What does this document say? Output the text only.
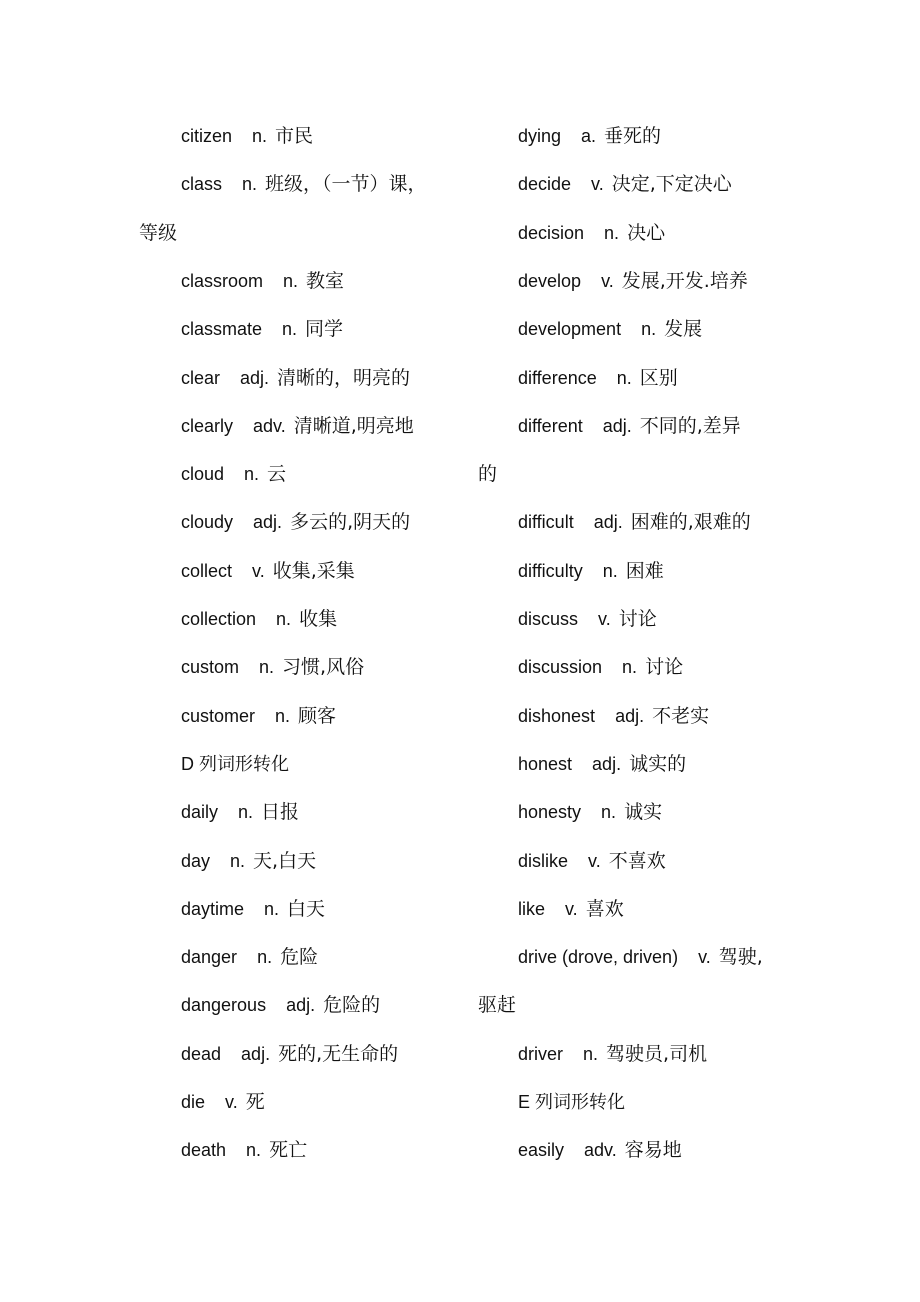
citizen n. 市民
class n. 班级，（一节）课，
等级
classroom n. 教室
classmate n. 同学
clear adj. 清晰的，明亮的
clearly adv. 清晰道,明亮地
cloud n. 云
cloudy adj. 多云的,阴天的
collect v. 收集,采集
collection n. 收集
custom n. 习惯,风俗
customer n. 顾客
D 列词形转化
daily n. 日报
day n. 天,白天
daytime n. 白天
danger n. 危险
dangerous adj. 危险的
dead adj. 死的,无生命的
die v. 死
death n. 死亡
dying a. 垂死的
decide v. 决定,下定决心
decision n. 决心
develop v. 发展,开发.培养
development n. 发展
difference n. 区别
different adj. 不同的,差异
的
difficult adj. 困难的,艰难的
difficulty n. 困难
discuss v. 讨论
discussion n. 讨论
dishonest adj. 不老实
honest adj. 诚实的
honesty n. 诚实
dislike v. 不喜欢
like v. 喜欢
drive (drove, driven) v. 驾驶,
驱赶
driver n. 驾驶员,司机
E 列词形转化
easily adv. 容易地
